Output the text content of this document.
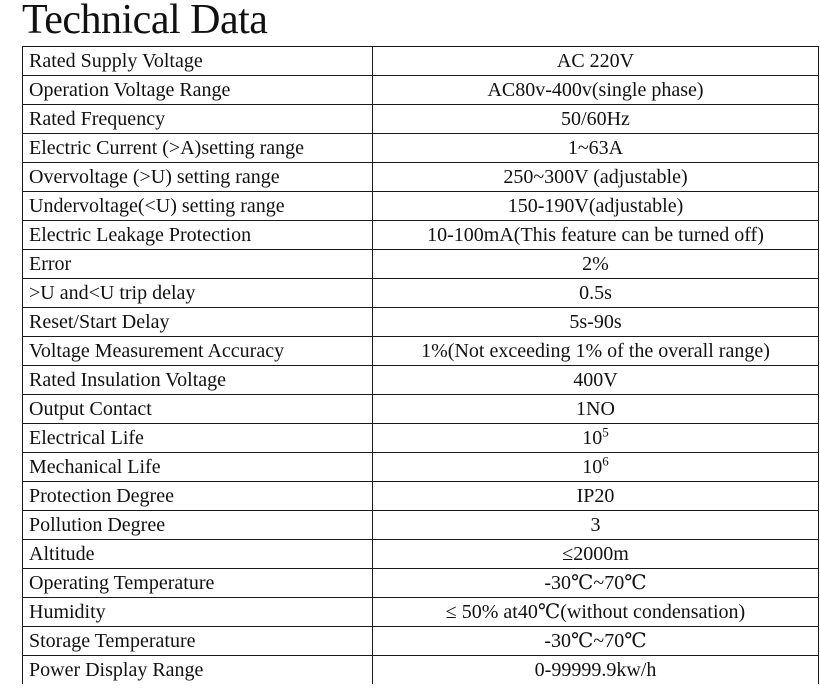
Technical Data
Rated Supply Voltage	AC 220V
Operation Voltage Range	AC80v-400v(single phase)
Rated Frequency	50/60Hz
Electric Current (>A)setting range	1~63A
Overvoltage (>U) setting range	250~300V (adjustable)
Undervoltage(<U) setting range	150-190V(adjustable)
Electric Leakage Protection	10-100mA(This feature can be turned off)
Error	2%
>U and<U trip delay	0.5s
Reset/Start Delay	5s-90s
Voltage Measurement Accuracy	1%(Not exceeding 1% of the overall range)
Rated Insulation Voltage	400V
Output Contact	1NO
Electrical Life	$10^5$
Mechanical Life	$10^6$
Protection Degree	IP20
Pollution Degree	3
Altitude	≤2000m
Operating Temperature	-30℃~70℃
Humidity	≤ 50% at40℃(without condensation)
Storage Temperature	-30℃~70℃
Power Display Range	0-99999.9kw/h
